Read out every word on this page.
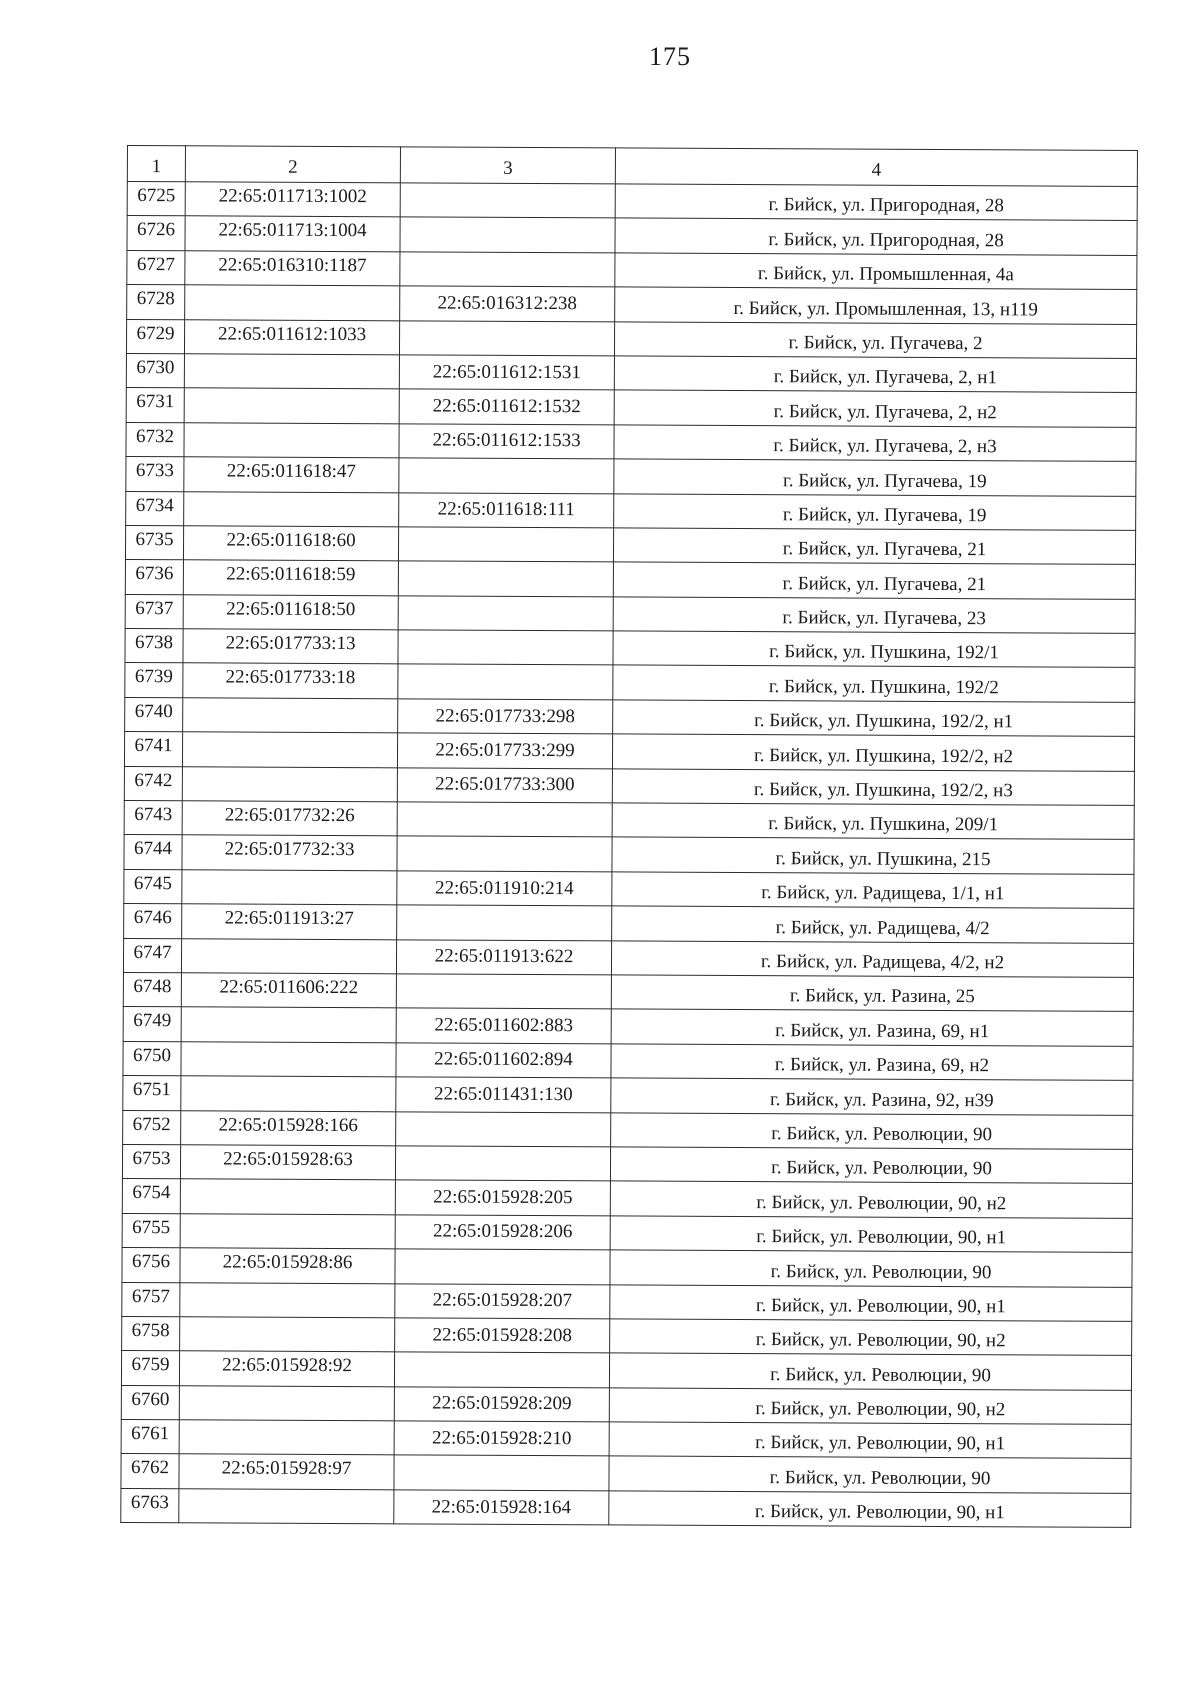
175
1	2	3	4
6725	22:65:011713:1002		г. Бийск, ул. Пригородная, 28
6726	22:65:011713:1004		г. Бийск, ул. Пригородная, 28
6727	22:65:016310:1187		г. Бийск, ул. Промышленная, 4а
6728		22:65:016312:238	г. Бийск, ул. Промышленная, 13, н119
6729	22:65:011612:1033		г. Бийск, ул. Пугачева, 2
6730		22:65:011612:1531	г. Бийск, ул. Пугачева, 2, н1
6731		22:65:011612:1532	г. Бийск, ул. Пугачева, 2, н2
6732		22:65:011612:1533	г. Бийск, ул. Пугачева, 2, н3
6733	22:65:011618:47		г. Бийск, ул. Пугачева, 19
6734		22:65:011618:111	г. Бийск, ул. Пугачева, 19
6735	22:65:011618:60		г. Бийск, ул. Пугачева, 21
6736	22:65:011618:59		г. Бийск, ул. Пугачева, 21
6737	22:65:011618:50		г. Бийск, ул. Пугачева, 23
6738	22:65:017733:13		г. Бийск, ул. Пушкина, 192/1
6739	22:65:017733:18		г. Бийск, ул. Пушкина, 192/2
6740		22:65:017733:298	г. Бийск, ул. Пушкина, 192/2, н1
6741		22:65:017733:299	г. Бийск, ул. Пушкина, 192/2, н2
6742		22:65:017733:300	г. Бийск, ул. Пушкина, 192/2, н3
6743	22:65:017732:26		г. Бийск, ул. Пушкина, 209/1
6744	22:65:017732:33		г. Бийск, ул. Пушкина, 215
6745		22:65:011910:214	г. Бийск, ул. Радищева, 1/1, н1
6746	22:65:011913:27		г. Бийск, ул. Радищева, 4/2
6747		22:65:011913:622	г. Бийск, ул. Радищева, 4/2, н2
6748	22:65:011606:222		г. Бийск, ул. Разина, 25
6749		22:65:011602:883	г. Бийск, ул. Разина, 69, н1
6750		22:65:011602:894	г. Бийск, ул. Разина, 69, н2
6751		22:65:011431:130	г. Бийск, ул. Разина, 92, н39
6752	22:65:015928:166		г. Бийск, ул. Революции, 90
6753	22:65:015928:63		г. Бийск, ул. Революции, 90
6754		22:65:015928:205	г. Бийск, ул. Революции, 90, н2
6755		22:65:015928:206	г. Бийск, ул. Революции, 90, н1
6756	22:65:015928:86		г. Бийск, ул. Революции, 90
6757		22:65:015928:207	г. Бийск, ул. Революции, 90, н1
6758		22:65:015928:208	г. Бийск, ул. Революции, 90, н2
6759	22:65:015928:92		г. Бийск, ул. Революции, 90
6760		22:65:015928:209	г. Бийск, ул. Революции, 90, н2
6761		22:65:015928:210	г. Бийск, ул. Революции, 90, н1
6762	22:65:015928:97		г. Бийск, ул. Революции, 90
6763		22:65:015928:164	г. Бийск, ул. Революции, 90, н1
